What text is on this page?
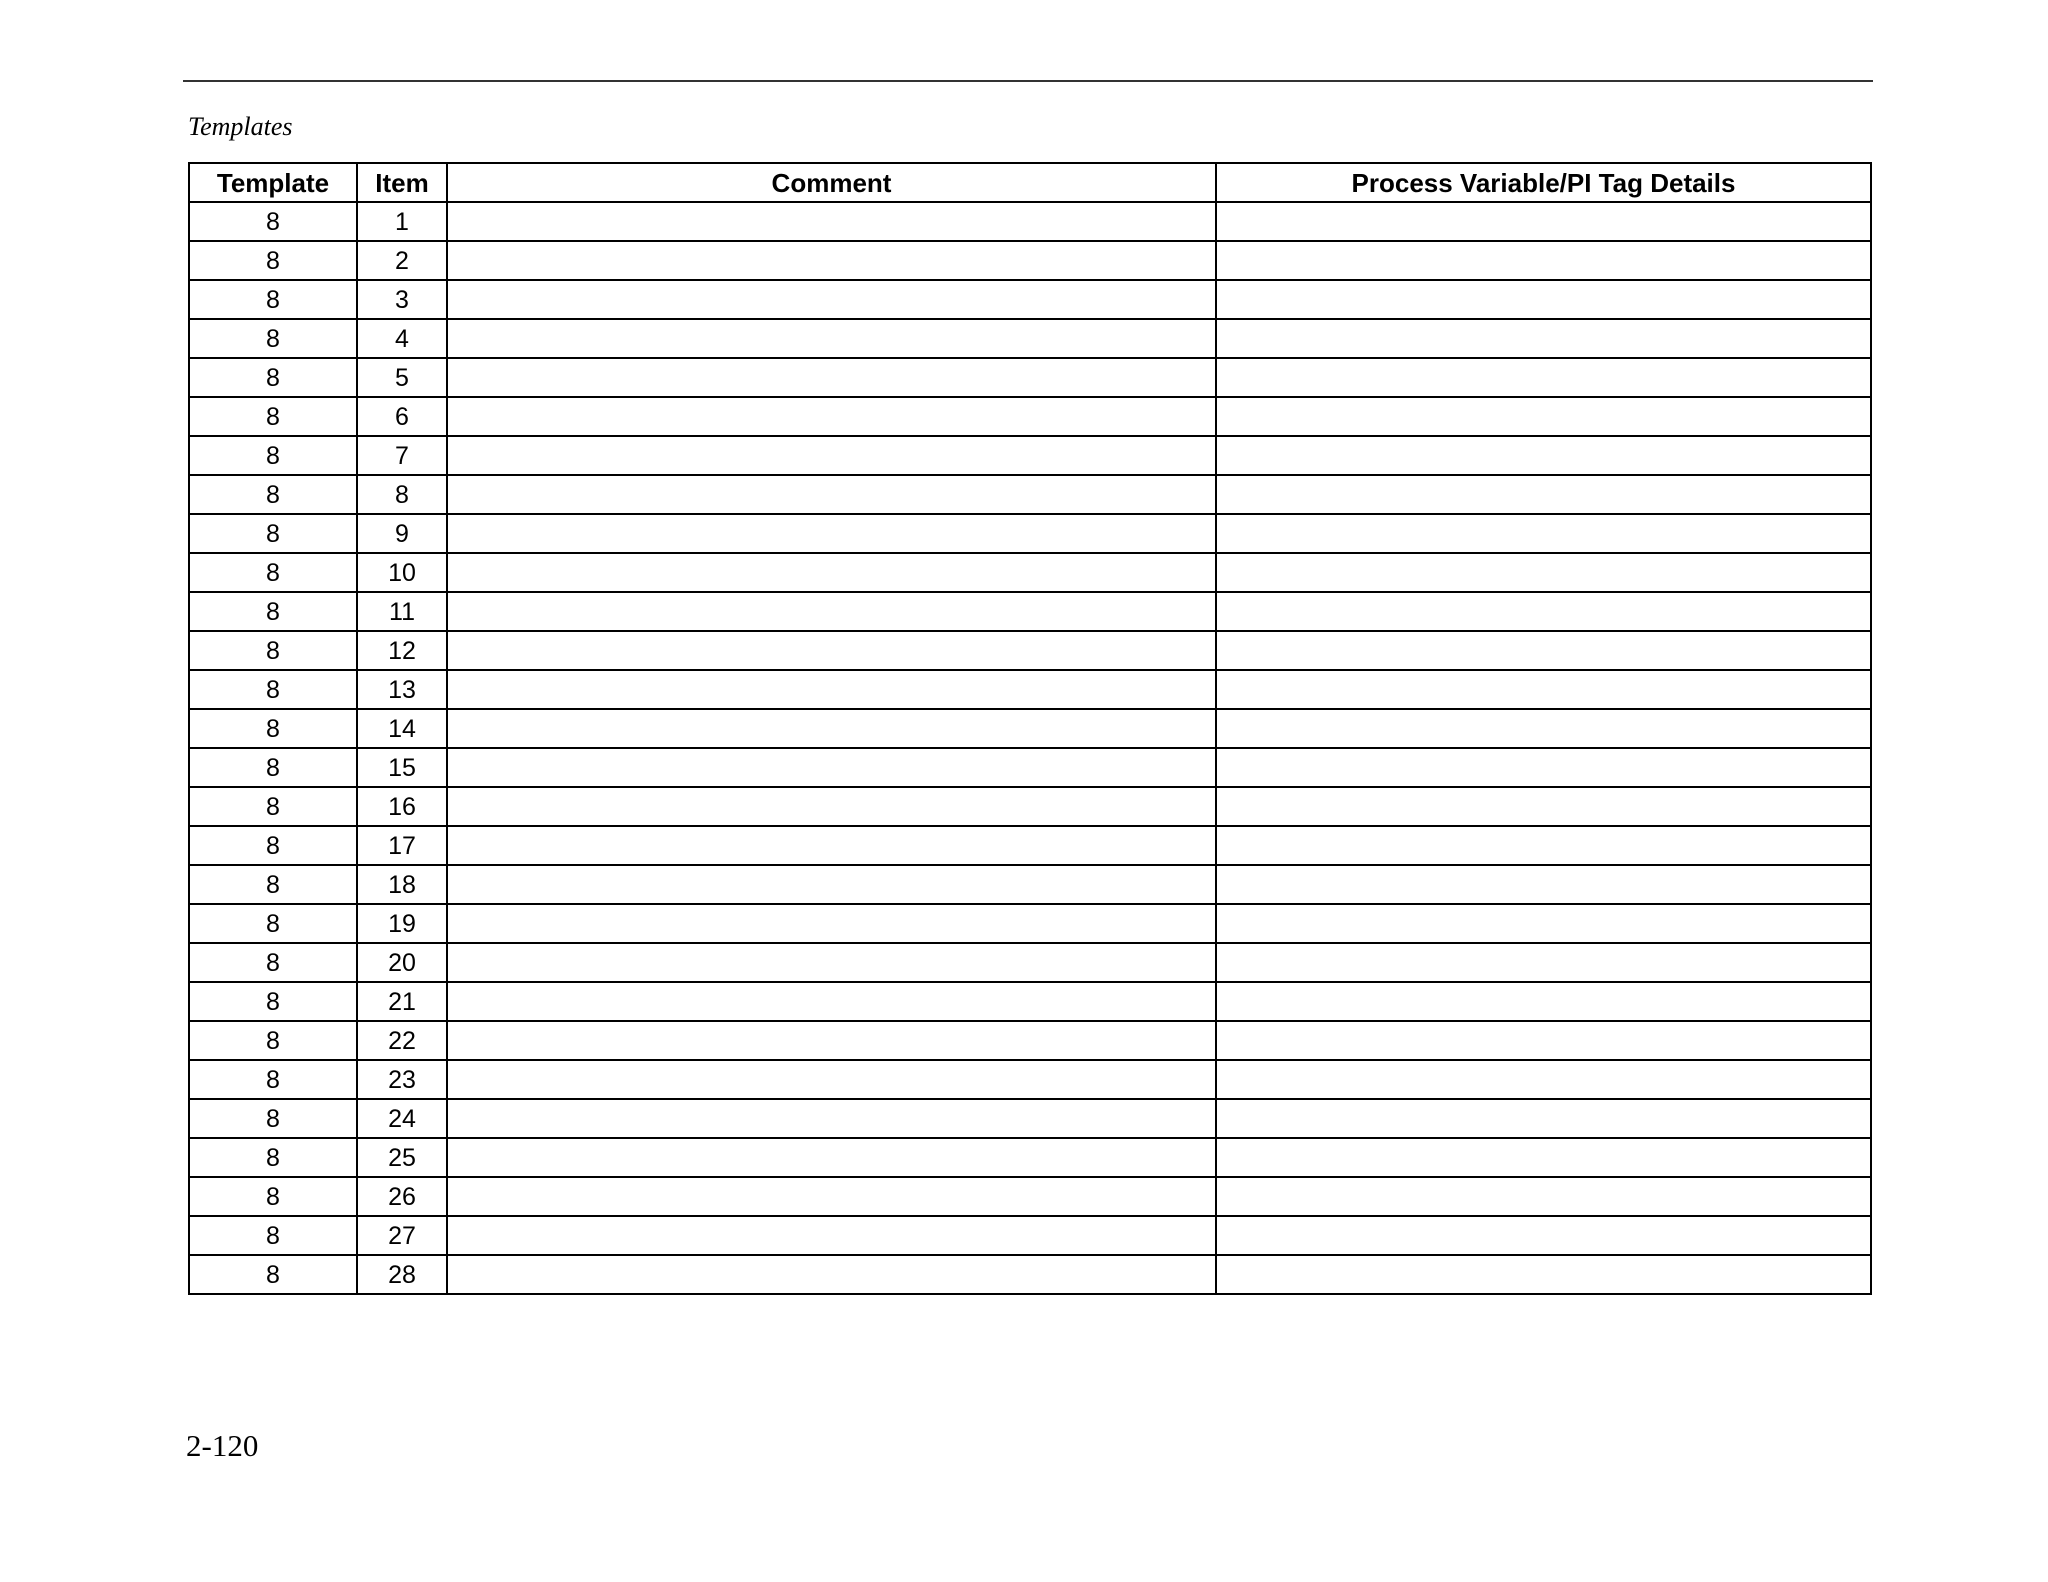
Templates
Template	Item	Comment	Process Variable/PI Tag Details
8	1		
8	2		
8	3		
8	4		
8	5		
8	6		
8	7		
8	8		
8	9		
8	10		
8	11		
8	12		
8	13		
8	14		
8	15		
8	16		
8	17		
8	18		
8	19		
8	20		
8	21		
8	22		
8	23		
8	24		
8	25		
8	26		
8	27		
8	28		
2-120
